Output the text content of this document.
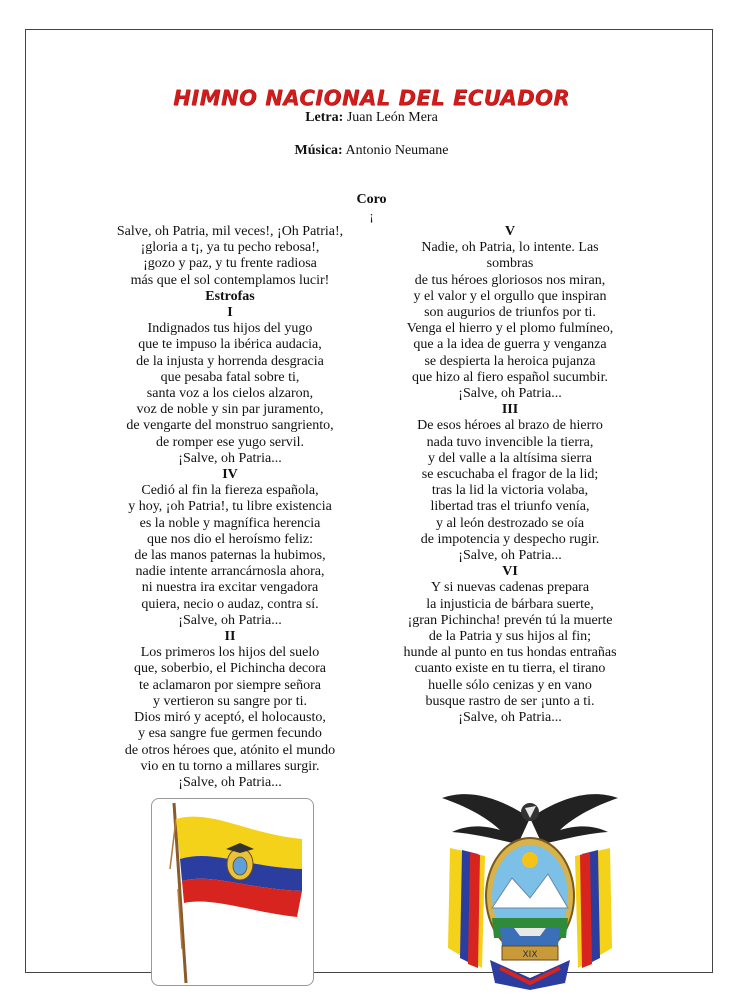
HIMNO NACIONAL DEL ECUADOR
Letra: Juan León Mera
Música: Antonio Neumane
Coro
¡
Salve, oh Patria, mil veces!, ¡Oh Patria!,
¡gloria a t¡, ya tu pecho rebosa!,
¡gozo y paz, y tu frente radiosa
más que el sol contemplamos lucir!
Estrofas
I
Indignados tus hijos del yugo
que te impuso la ibérica audacia,
de la injusta y horrenda desgracia
que pesaba fatal sobre ti,
santa voz a los cielos alzaron,
voz de noble y sin par juramento,
de vengarte del monstruo sangriento,
de romper ese yugo servil.
¡Salve, oh Patria...
IV
Cedió al fin la fiereza española,
y hoy, ¡oh Patria!, tu libre existencia
es la noble y magnífica herencia
que nos dio el heroísmo feliz:
de las manos paternas la hubimos,
nadie intente arrancárnosla ahora,
ni nuestra ira excitar vengadora
quiera, necio o audaz, contra sí.
¡Salve, oh Patria...
II
Los primeros los hijos del suelo
que, soberbio, el Pichincha decora
te aclamaron por siempre señora
y vertieron su sangre por ti.
Dios miró y aceptó, el holocausto,
y esa sangre fue germen fecundo
de otros héroes que, atónito el mundo
vio en tu torno a millares surgir.
¡Salve, oh Patria...
V
Nadie, oh Patria, lo intente. Las
sombras
de tus héroes gloriosos nos miran,
y el valor y el orgullo que inspiran
son augurios de triunfos por ti.
Venga el hierro y el plomo fulmíneo,
que a la idea de guerra y venganza
se despierta la heroica pujanza
que hizo al fiero español sucumbir.
¡Salve, oh Patria...
III
De esos héroes al brazo de hierro
nada tuvo invencible la tierra,
y del valle a la altísima sierra
se escuchaba el fragor de la lid;
tras la lid la victoria volaba,
libertad tras el triunfo venía,
y al león destrozado se oía
de impotencia y despecho rugir.
¡Salve, oh Patria...
VI
Y si nuevas cadenas prepara
la injusticia de bárbara suerte,
¡gran Pichincha! prevén tú la muerte
de la Patria y sus hijos al fin;
hunde al punto en tus hondas entrañas
cuanto existe en tu tierra, el tirano
huelle sólo cenizas y en vano
busque rastro de ser ¡unto a ti.
¡Salve, oh Patria...
XIX
